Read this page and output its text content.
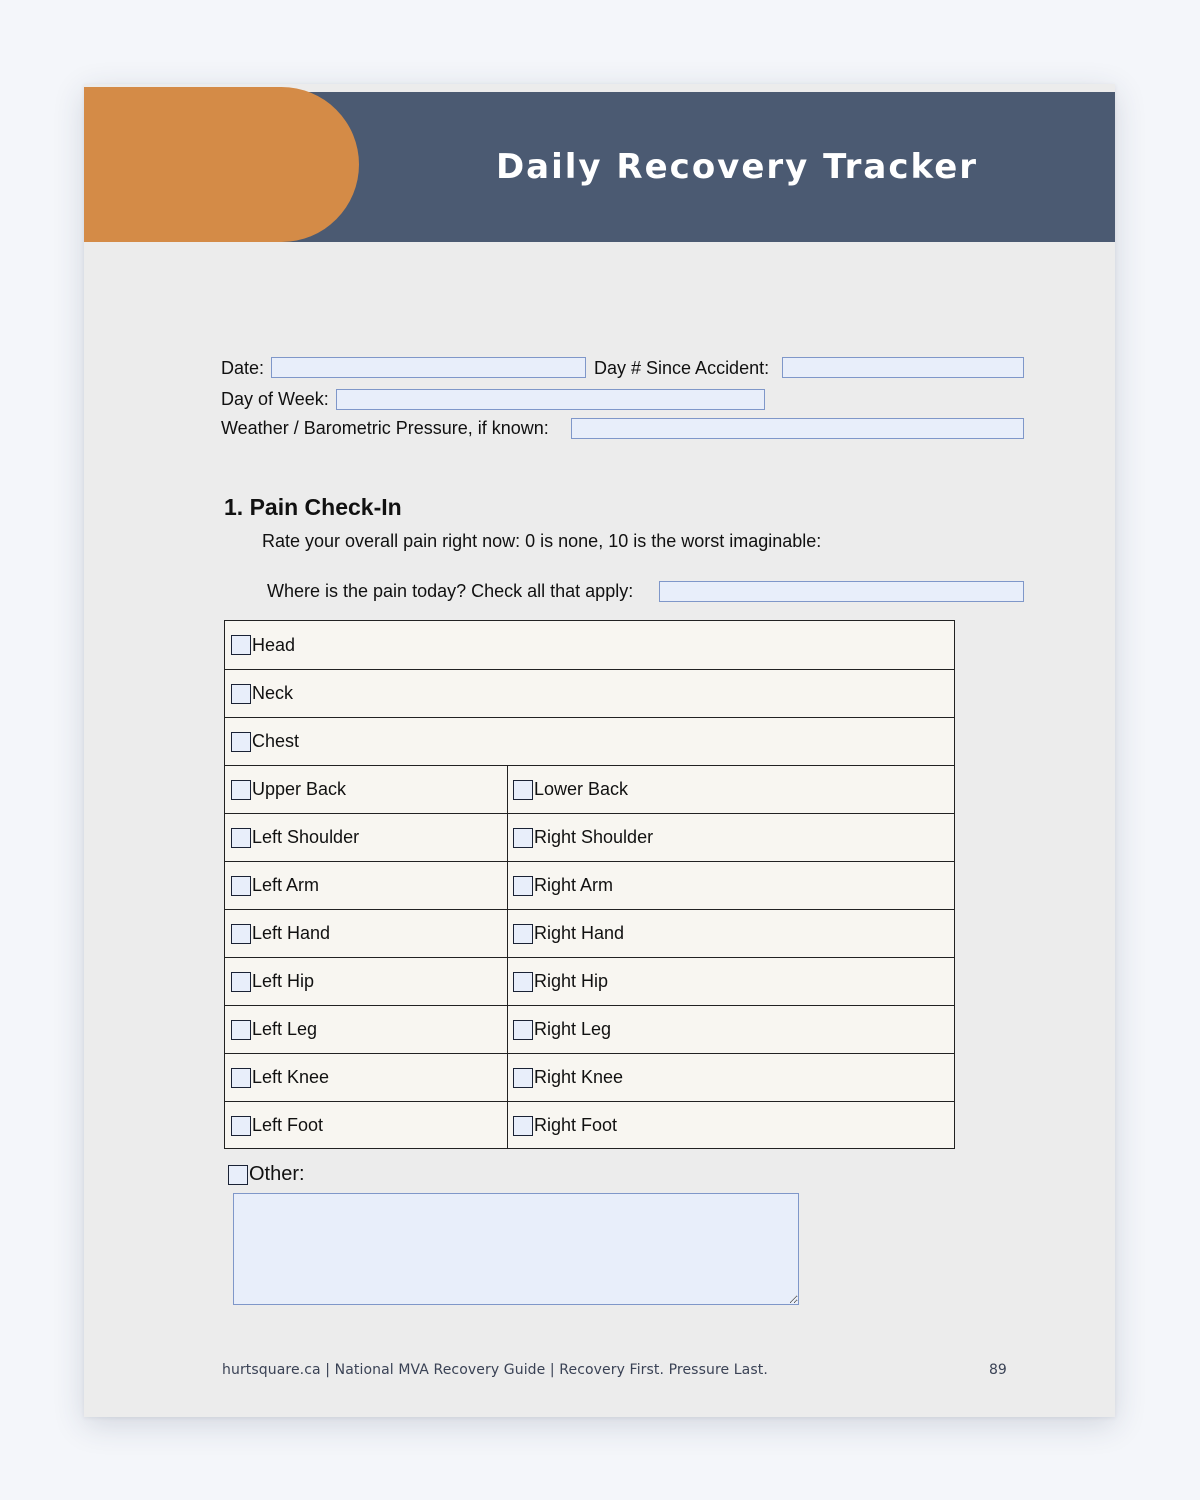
Daily Recovery Tracker
Date:	Day # Since Accident:
Day of Week:
Weather / Barometric Pressure, if known:
1. Pain Check-In
Rate your overall pain right now: 0 is none, 10 is the worst imaginable:
Where is the pain today? Check all that apply:
Head
Neck
Chest
Upper Back	Lower Back
Left Shoulder	Right Shoulder
Left Arm	Right Arm
Left Hand	Right Hand
Left Hip	Right Hip
Left Leg	Right Leg
Left Knee	Right Knee
Left Foot	Right Foot
Other:
hurtsquare.ca | National MVA Recovery Guide | Recovery First. Pressure Last.	89
